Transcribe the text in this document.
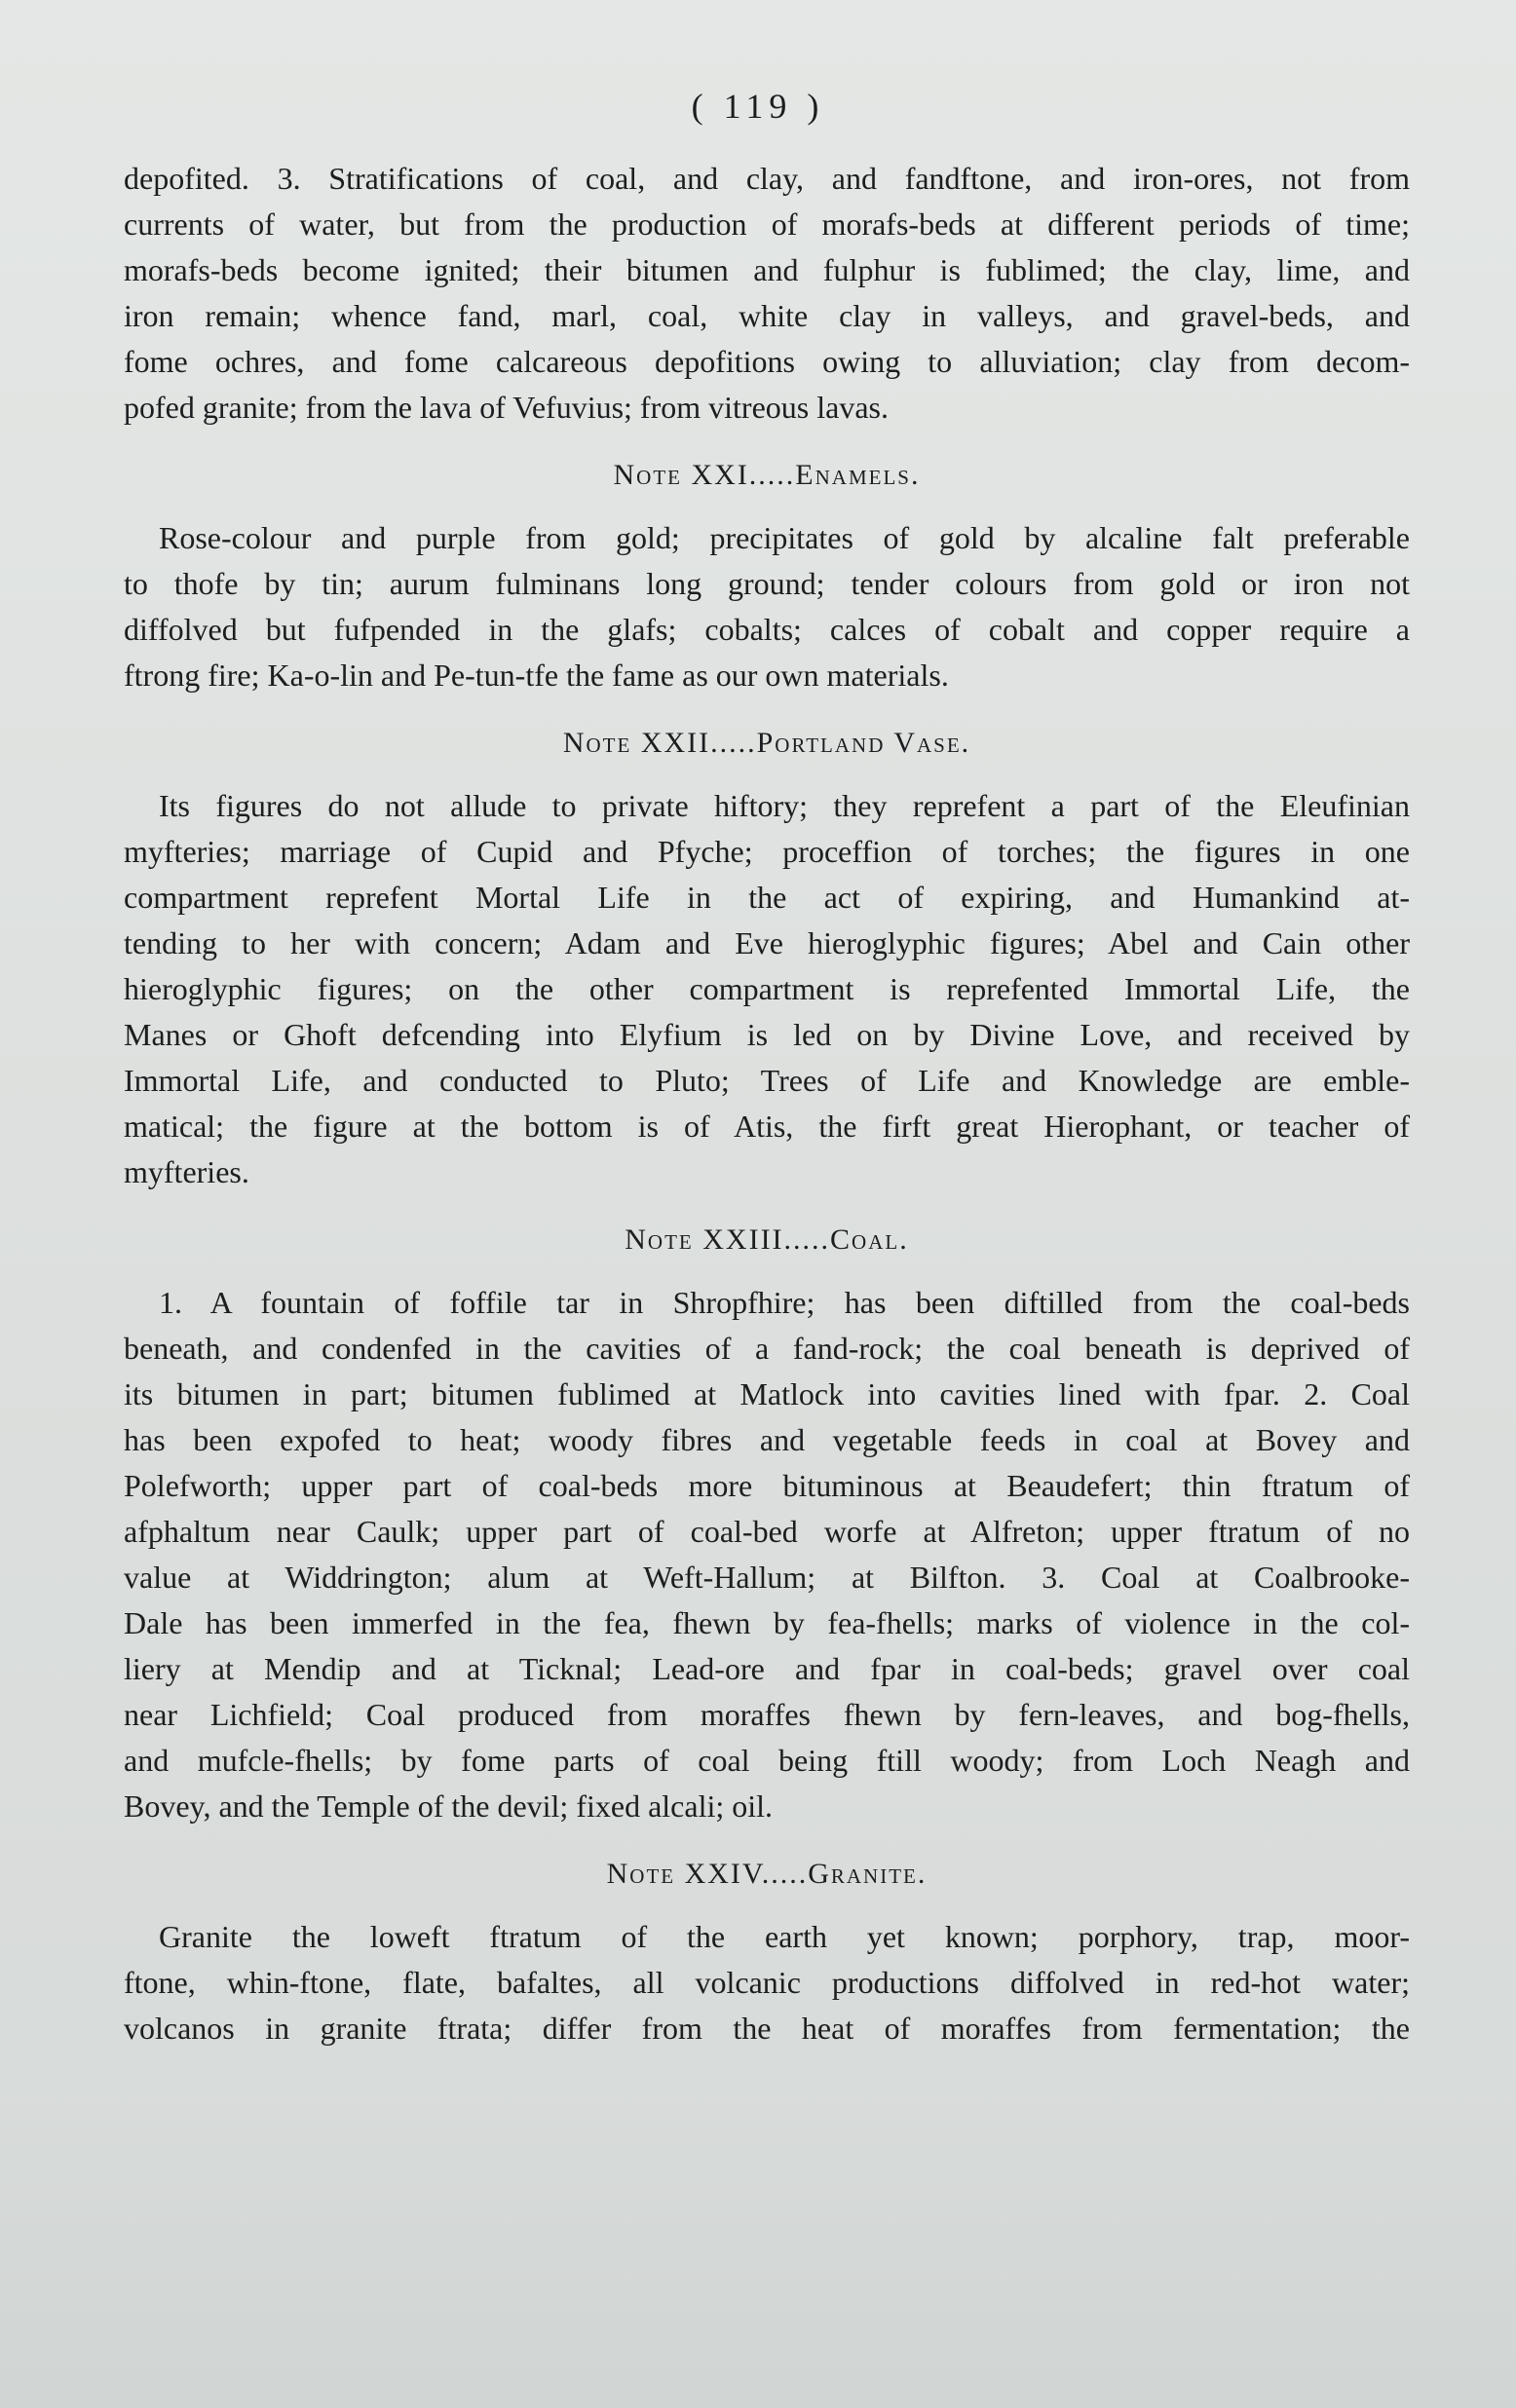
( 119 )

depofited. 3. Stratifications of coal, and clay, and fandftone, and iron-ores, not from
currents of water, but from the production of morafs-beds at different periods of time;
morafs-beds become ignited; their bitumen and fulphur is fublimed; the clay, lime, and
iron remain; whence fand, marl, coal, white clay in valleys, and gravel-beds, and
fome ochres, and fome calcareous depofitions owing to alluviation; clay from decom-
pofed granite; from the lava of Vefuvius; from vitreous lavas.

Note XXI.....Enamels.

Rose-colour and purple from gold; precipitates of gold by alcaline falt preferable
to thofe by tin; aurum fulminans long ground; tender colours from gold or iron not
diffolved but fufpended in the glafs; cobalts; calces of cobalt and copper require a
ftrong fire; Ka-o-lin and Pe-tun-tfe the fame as our own materials.

Note XXII.....Portland Vase.

Its figures do not allude to private hiftory; they reprefent a part of the Eleufinian
myfteries; marriage of Cupid and Pfyche; proceffion of torches; the figures in one
compartment reprefent Mortal Life in the act of expiring, and Humankind at-
tending to her with concern; Adam and Eve hieroglyphic figures; Abel and Cain other
hieroglyphic figures; on the other compartment is reprefented Immortal Life, the
Manes or Ghoft defcending into Elyfium is led on by Divine Love, and received by
Immortal Life, and conducted to Pluto; Trees of Life and Knowledge are emble-
matical; the figure at the bottom is of Atis, the firft great Hierophant, or teacher of
myfteries.

Note XXIII.....Coal.

1. A fountain of foffile tar in Shropfhire; has been diftilled from the coal-beds
beneath, and condenfed in the cavities of a fand-rock; the coal beneath is deprived of
its bitumen in part; bitumen fublimed at Matlock into cavities lined with fpar. 2. Coal
has been expofed to heat; woody fibres and vegetable feeds in coal at Bovey and
Polefworth; upper part of coal-beds more bituminous at Beaudefert; thin ftratum of
afphaltum near Caulk; upper part of coal-bed worfe at Alfreton; upper ftratum of no
value at Widdrington; alum at Weft-Hallum; at Bilfton. 3. Coal at Coalbrooke-
Dale has been immerfed in the fea, fhewn by fea-fhells; marks of violence in the col-
liery at Mendip and at Ticknal; Lead-ore and fpar in coal-beds; gravel over coal
near Lichfield; Coal produced from moraffes fhewn by fern-leaves, and bog-fhells,
and mufcle-fhells; by fome parts of coal being ftill woody; from Loch Neagh and
Bovey, and the Temple of the devil; fixed alcali; oil.

Note XXIV.....Granite.

Granite the loweft ftratum of the earth yet known; porphory, trap, moor-
ftone, whin-ftone, flate, bafaltes, all volcanic productions diffolved in red-hot water;
volcanos in granite ftrata; differ from the heat of moraffes from fermentation; the
